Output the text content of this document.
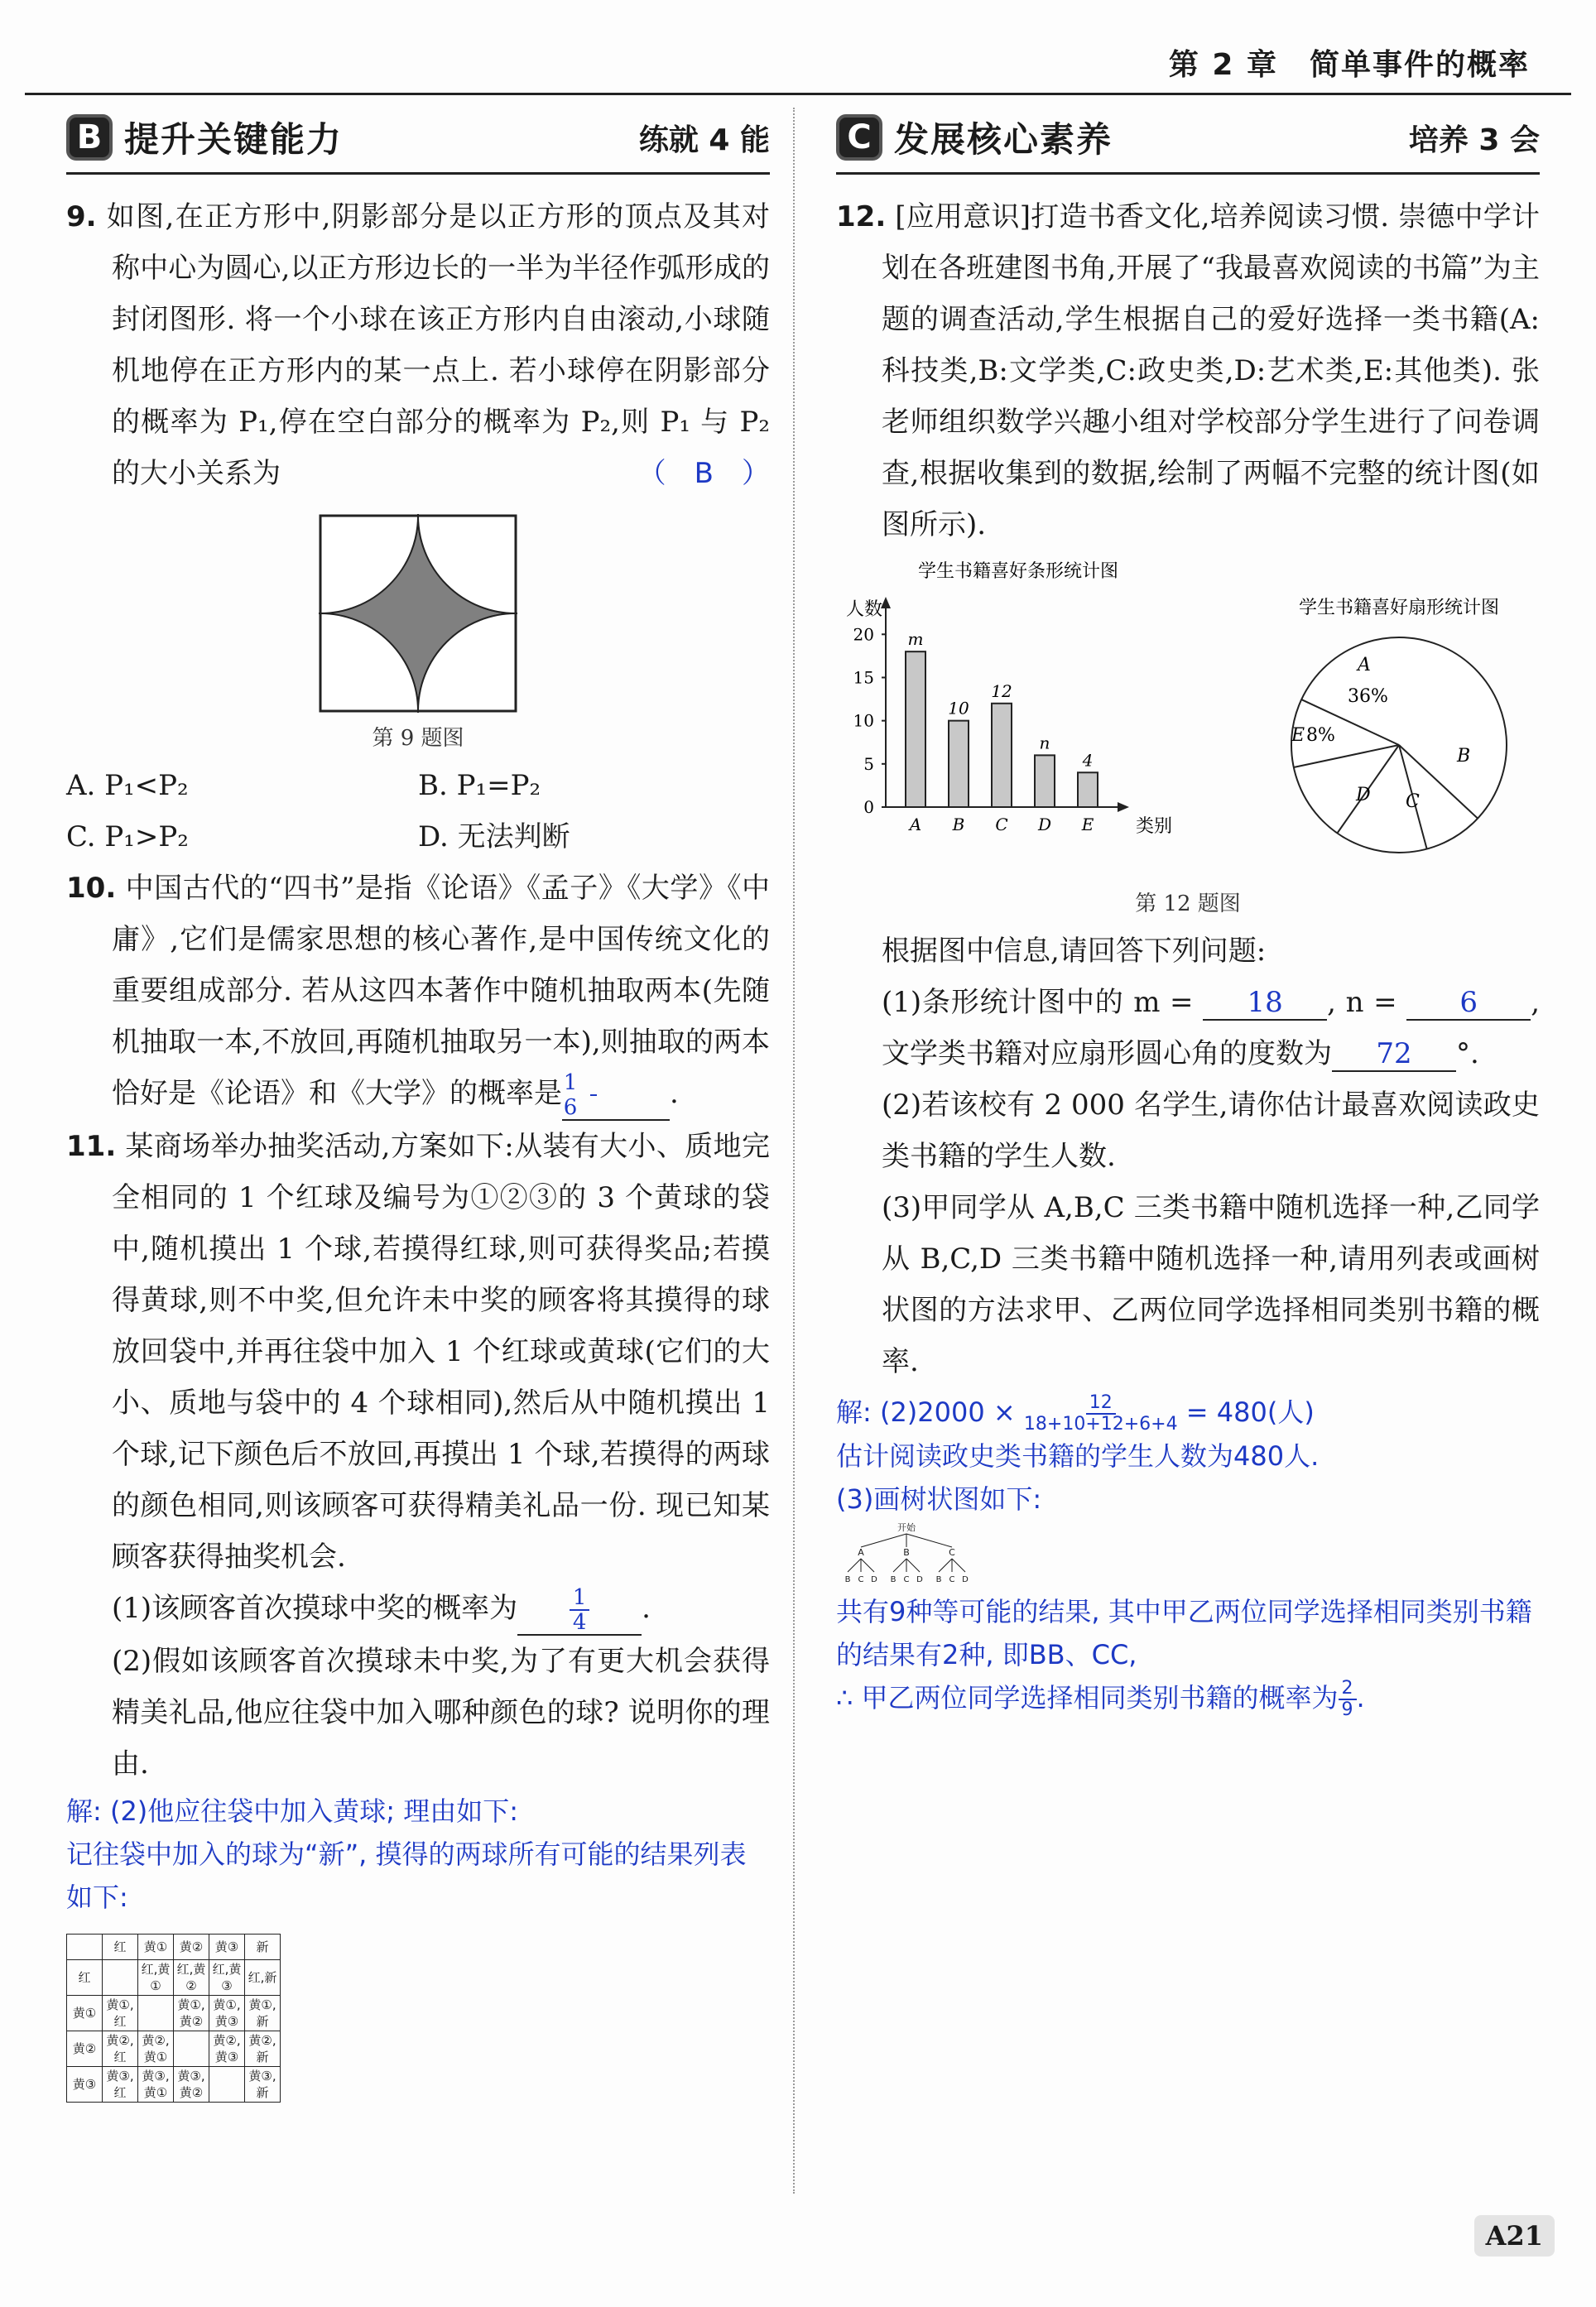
第 2 章　简单事件的概率
B 提升关键能力	练就 4 能

9. 如图,在正方形中,阴影部分是以正方形的顶点及其对称中心为圆心,以正方形边长的一半为半径作弧形成的封闭图形. 将一个小球在该正方形内自由滚动,小球随机地停在正方形内的某一点上. 若小球停在阴影部分的概率为 P₁,停在空白部分的概率为 P₂,则 P₁ 与 P₂ 的大小关系为	（　B　）

第 9 题图
A. P₁<P₂	B. P₁=P₂
C. P₁>P₂	D. 无法判断

10. 中国古代的“四书”是指《论语》《孟子》《大学》《中庸》,它们是儒家思想的核心著作,是中国传统文化的重要组成部分. 若从这四本著作中随机抽取两本(先随机抽取一本,不放回,再随机抽取另一本),则抽取的两本恰好是《论语》和《大学》的概率是 $\frac{1}{6}$	.

11. 某商场举办抽奖活动,方案如下:从装有大小、质地完全相同的 1 个红球及编号为①②③的 3 个黄球的袋中,随机摸出 1 个球,若摸得红球,则可获得奖品;若摸得黄球,则不中奖,但允许未中奖的顾客将其摸得的球放回袋中,并再往袋中加入 1 个红球或黄球(它们的大小、质地与袋中的 4 个球相同),然后从中随机摸出 1 个球,记下颜色后不放回,再摸出 1 个球,若摸得的两球的颜色相同,则该顾客可获得精美礼品一份. 现已知某顾客获得抽奖机会.

(1)该顾客首次摸球中奖的概率为 $\frac{1}{4}$ .

(2)假如该顾客首次摸球未中奖,为了有更大机会获得精美礼品,他应往袋中加入哪种颜色的球? 说明你的理由.

解: (2)他应往袋中加入黄球; 理由如下:

记往袋中加入的球为“新”, 摸得的两球所有可能的结果列表如下:

	红	黄①	黄②	黄③	新
红		红,黄①	红,黄②	红,黄③	红,新
黄①	黄①,红		黄①,黄②	黄①,黄③	黄①,新
黄②	黄②,红	黄②,黄①		黄②,黄③	黄②,新
黄③	黄③,红	黄③,黄①	黄③,黄②		黄③,新
C 发展核心素养	培养 3 会

12. [应用意识]打造书香文化,培养阅读习惯. 崇德中学计划在各班建图书角,开展了“我最喜欢阅读的书篇”为主题的调查活动,学生根据自己的爱好选择一类书籍(A:科技类,B:文学类,C:政史类,D:艺术类,E:其他类). 张老师组织数学兴趣小组对学校部分学生进行了问卷调查,根据收集到的数据,绘制了两幅不完整的统计图(如图所示).

学生书籍喜好条形统计图
人数
0
5
10
15
20 m
A
10
B
12
C
n
D
4
E 类别
学生书籍喜好扇形统计图
A
36%
B
C
D
E 8%
第 12 题图

根据图中信息,请回答下列问题:

(1)条形统计图中的 m = 18 , n = 6 ,文学类书籍对应扇形圆心角的度数为 72 °.

(2)若该校有 2 000 名学生,请你估计最喜欢阅读政史类书籍的学生人数.

(3)甲同学从 A,B,C 三类书籍中随机选择一种,乙同学从 B,C,D 三类书籍中随机选择一种,请用列表或画树状图的方法求甲、乙两位同学选择相同类别书籍的概率.

解: $(2)2000 \times \frac{12}{18+10+12+6+4} = 480$(人)

估计阅读政史类书籍的学生人数为480人.

(3)画树状图如下:

开始
A
B C D
B
B C D
C
B C D

共有9种等可能的结果, 其中甲乙两位同学选择相同类别书籍的结果有2种, 即BB、CC,

∴ 甲乙两位同学选择相同类别书籍的概率为 $\frac{2}{9}$ .

A21
